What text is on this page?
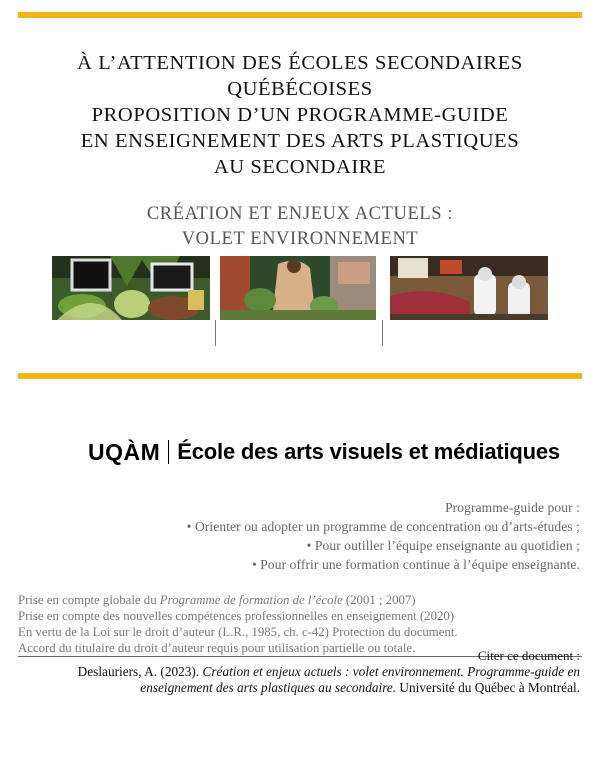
À L’ATTENTION DES ÉCOLES SECONDAIRES
QUÉBÉCOISES
PROPOSITION D’UN PROGRAMME-GUIDE
EN ENSEIGNEMENT DES ARTS PLASTIQUES
AU SECONDAIRE
CRÉATION ET ENJEUX ACTUELS :
VOLET ENVIRONNEMENT
UQÀM École des arts visuels et médiatiques
Programme-guide pour :
• Orienter ou adopter un programme de concentration ou d’arts-études ;
• Pour outiller l’équipe enseignante au quotidien ;
• Pour offrir une formation continue à l’équipe enseignante.
Prise en compte globale du Programme de formation de l’école (2001 ; 2007)
Prise en compte des nouvelles compétences professionnelles en enseignement (2020)
En vertu de la Loi sur le droit d’auteur (L.R., 1985, ch. c-42) Protection du document.
Accord du titulaire du droit d’auteur requis pour utilisation partielle ou totale.	Citer ce document :
Deslauriers, A. (2023). Création et enjeux actuels : volet environnement. Programme-guide en
enseignement des arts plastiques au secondaire. Université du Québec à Montréal.
